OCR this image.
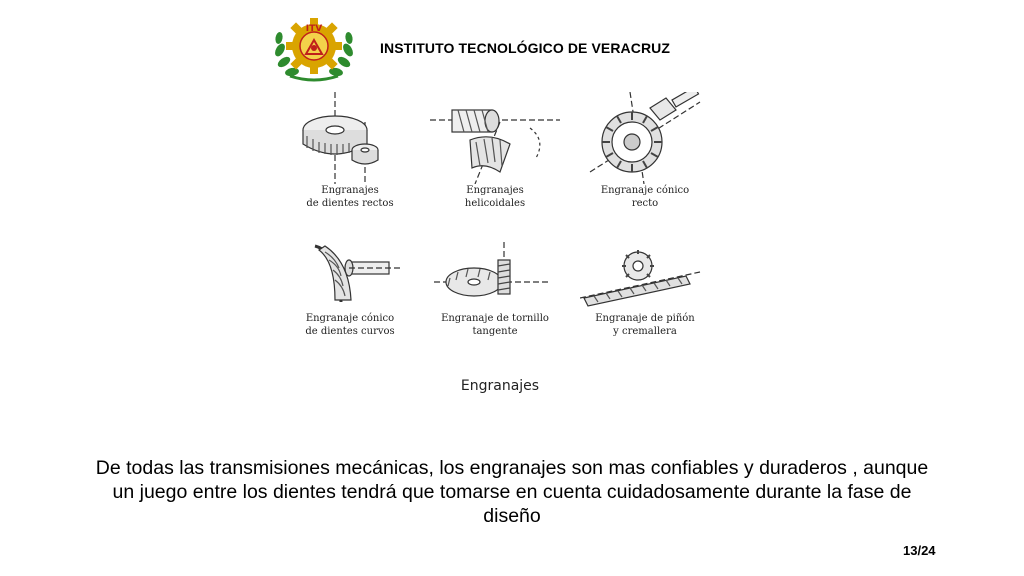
ITV
INSTITUTO TECNOLÓGICO DE VERACRUZ
Engranajes
de dientes rectos
Engranajes
helicoidales
Engranaje cónico
recto
Engranaje cónico
de dientes curvos
Engranaje de tornillo
tangente
Engranaje de piñón
y cremallera
Engranajes
De todas las transmisiones mecánicas, los engranajes son mas confiables y duraderos , aunque
un juego entre los dientes tendrá que tomarse en cuenta cuidadosamente durante la fase de
diseño
13/24
